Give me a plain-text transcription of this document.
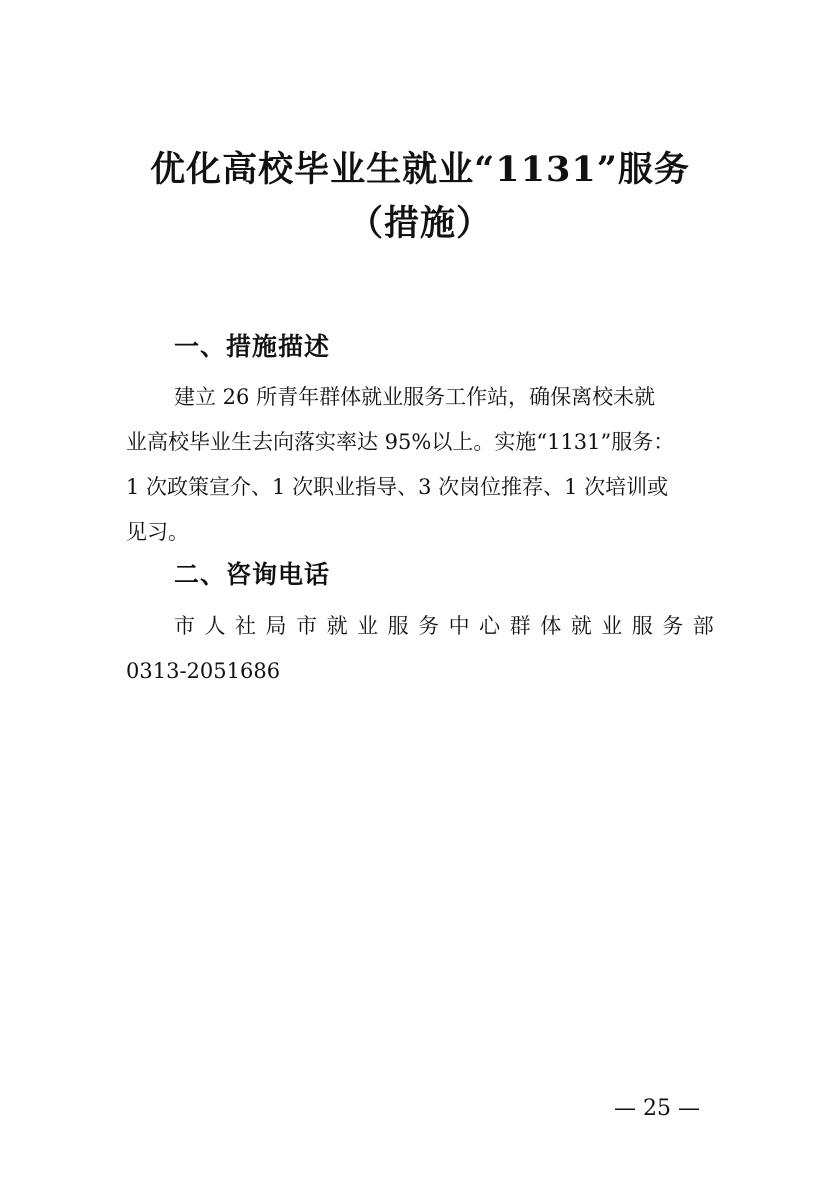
优化高校毕业生就业“1131”服务
（措施）
一、措施描述
建立 26 所青年群体就业服务工作站，确保离校未就
业高校毕业生去向落实率达 95%以上。实施“1131”服务：
1 次政策宣介、1 次职业指导、3 次岗位推荐、1 次培训或
见习。
二、咨询电话
市 人 社 局 市 就 业 服 务 中 心 群 体 就 业 服 务 部
0313-2051686
— 25 —
